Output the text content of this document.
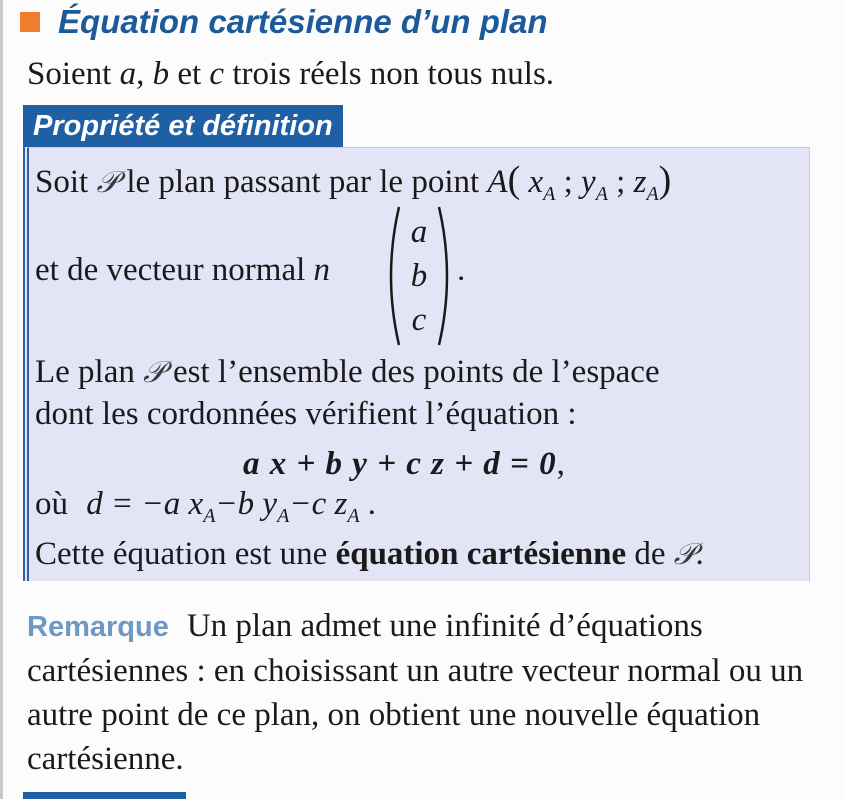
Équation cartésienne d’un plan
Soient a, b et c trois réels non tous nuls.
Propriété et définition
Soit 𝒫 le plan passant par le point A( $x_A$ ; $y_A$ ; $z_A$)
et de vecteur normal n⃗
a
b
c
.
Le plan 𝒫 est l’ensemble des points de l’espace
dont les cordonnées vérifient l’équation :
a x + b y + c z + d = 0,
où d = −a $x_A-b$ $y_A-c$ $z_A$ .
Cette équation est une équation cartésienne de 𝒫.
Remarque Un plan admet une infinité d’équations cartésiennes : en choisissant un autre vecteur normal ou un autre point de ce plan, on obtient une nouvelle équation cartésienne.
